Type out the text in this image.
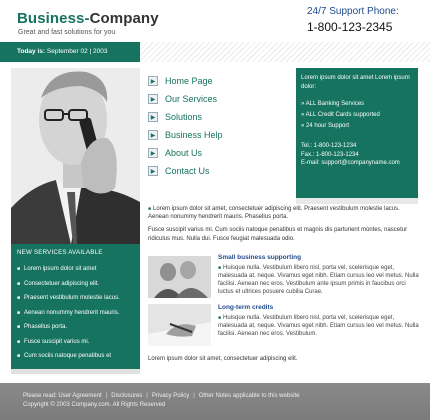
Business-Company
Great and fast solutions for you
24/7 Support Phone:
1-800-123-2345
Today is: September 02 | 2003
▶ Home Page
▶ Our Services
▶ Solutions
▶ Business Help
▶ About Us
▶ Contact Us
Lorem ipsum dolor sit amet Lorem ipsum dolor:
» ALL Banking Services
» ALL Credit Cards supported
» 24 hour Support
Tel.: 1-800-123-1234
Fax.: 1-800-123-1234
E-mail: support@companyname.com
NEW SERVICES AVAILABLE
■ Lorem ipsum dolor sit amet
■ Consectetuer adipiscing elit.
■ Praesent vestibulum molestie lacus.
■ Aenean nonummy hendrerit mauris.
■ Phasellus porta.
■ Fusce suscipit varius mi.
■ Cum sociis natoque penatibus et

■ Lorem ipsum dolor sit amet, consectetuer adipiscing elit. Praesent vestibulum molestie lacus. Aenean nonummy hendrerit mauris. Phasellus porta.

Fusce suscipit varius mi. Cum sociis natoque penatibus et magnis dis parturient montes, nascetur ridiculus mus. Nulla dui. Fusce feugiat malesuada odio.

Small business supporting
■ Huisque nulla. Vestibulum libero nisl, porta vel, scelerisque eget, malesuada at, neque. Vivamus eget nibh. Etiam cursus leo vel metus. Nulla facilisi. Aenean nec eros. Vestibulum ante ipsum primis in faucibus orci luctus et ultrices posuere cubilia Curae.
Long-term credits
■ Huisque nulla. Vestibulum libero nisl, porta vel, scelerisque eget, malesuada at, neque. Vivamus eget nibh. Etiam cursus leo vel metus. Nulla facilisi. Aenean nec eros. Vestibulum.
Lorem ipsum dolor sit amet, consectetuer adipiscing elit.
Please read: User Agreement | Disclosures | Privacy Policy | Other Notes applicable to this website
Copyright © 2003 Company.com. All Rights Reserved
